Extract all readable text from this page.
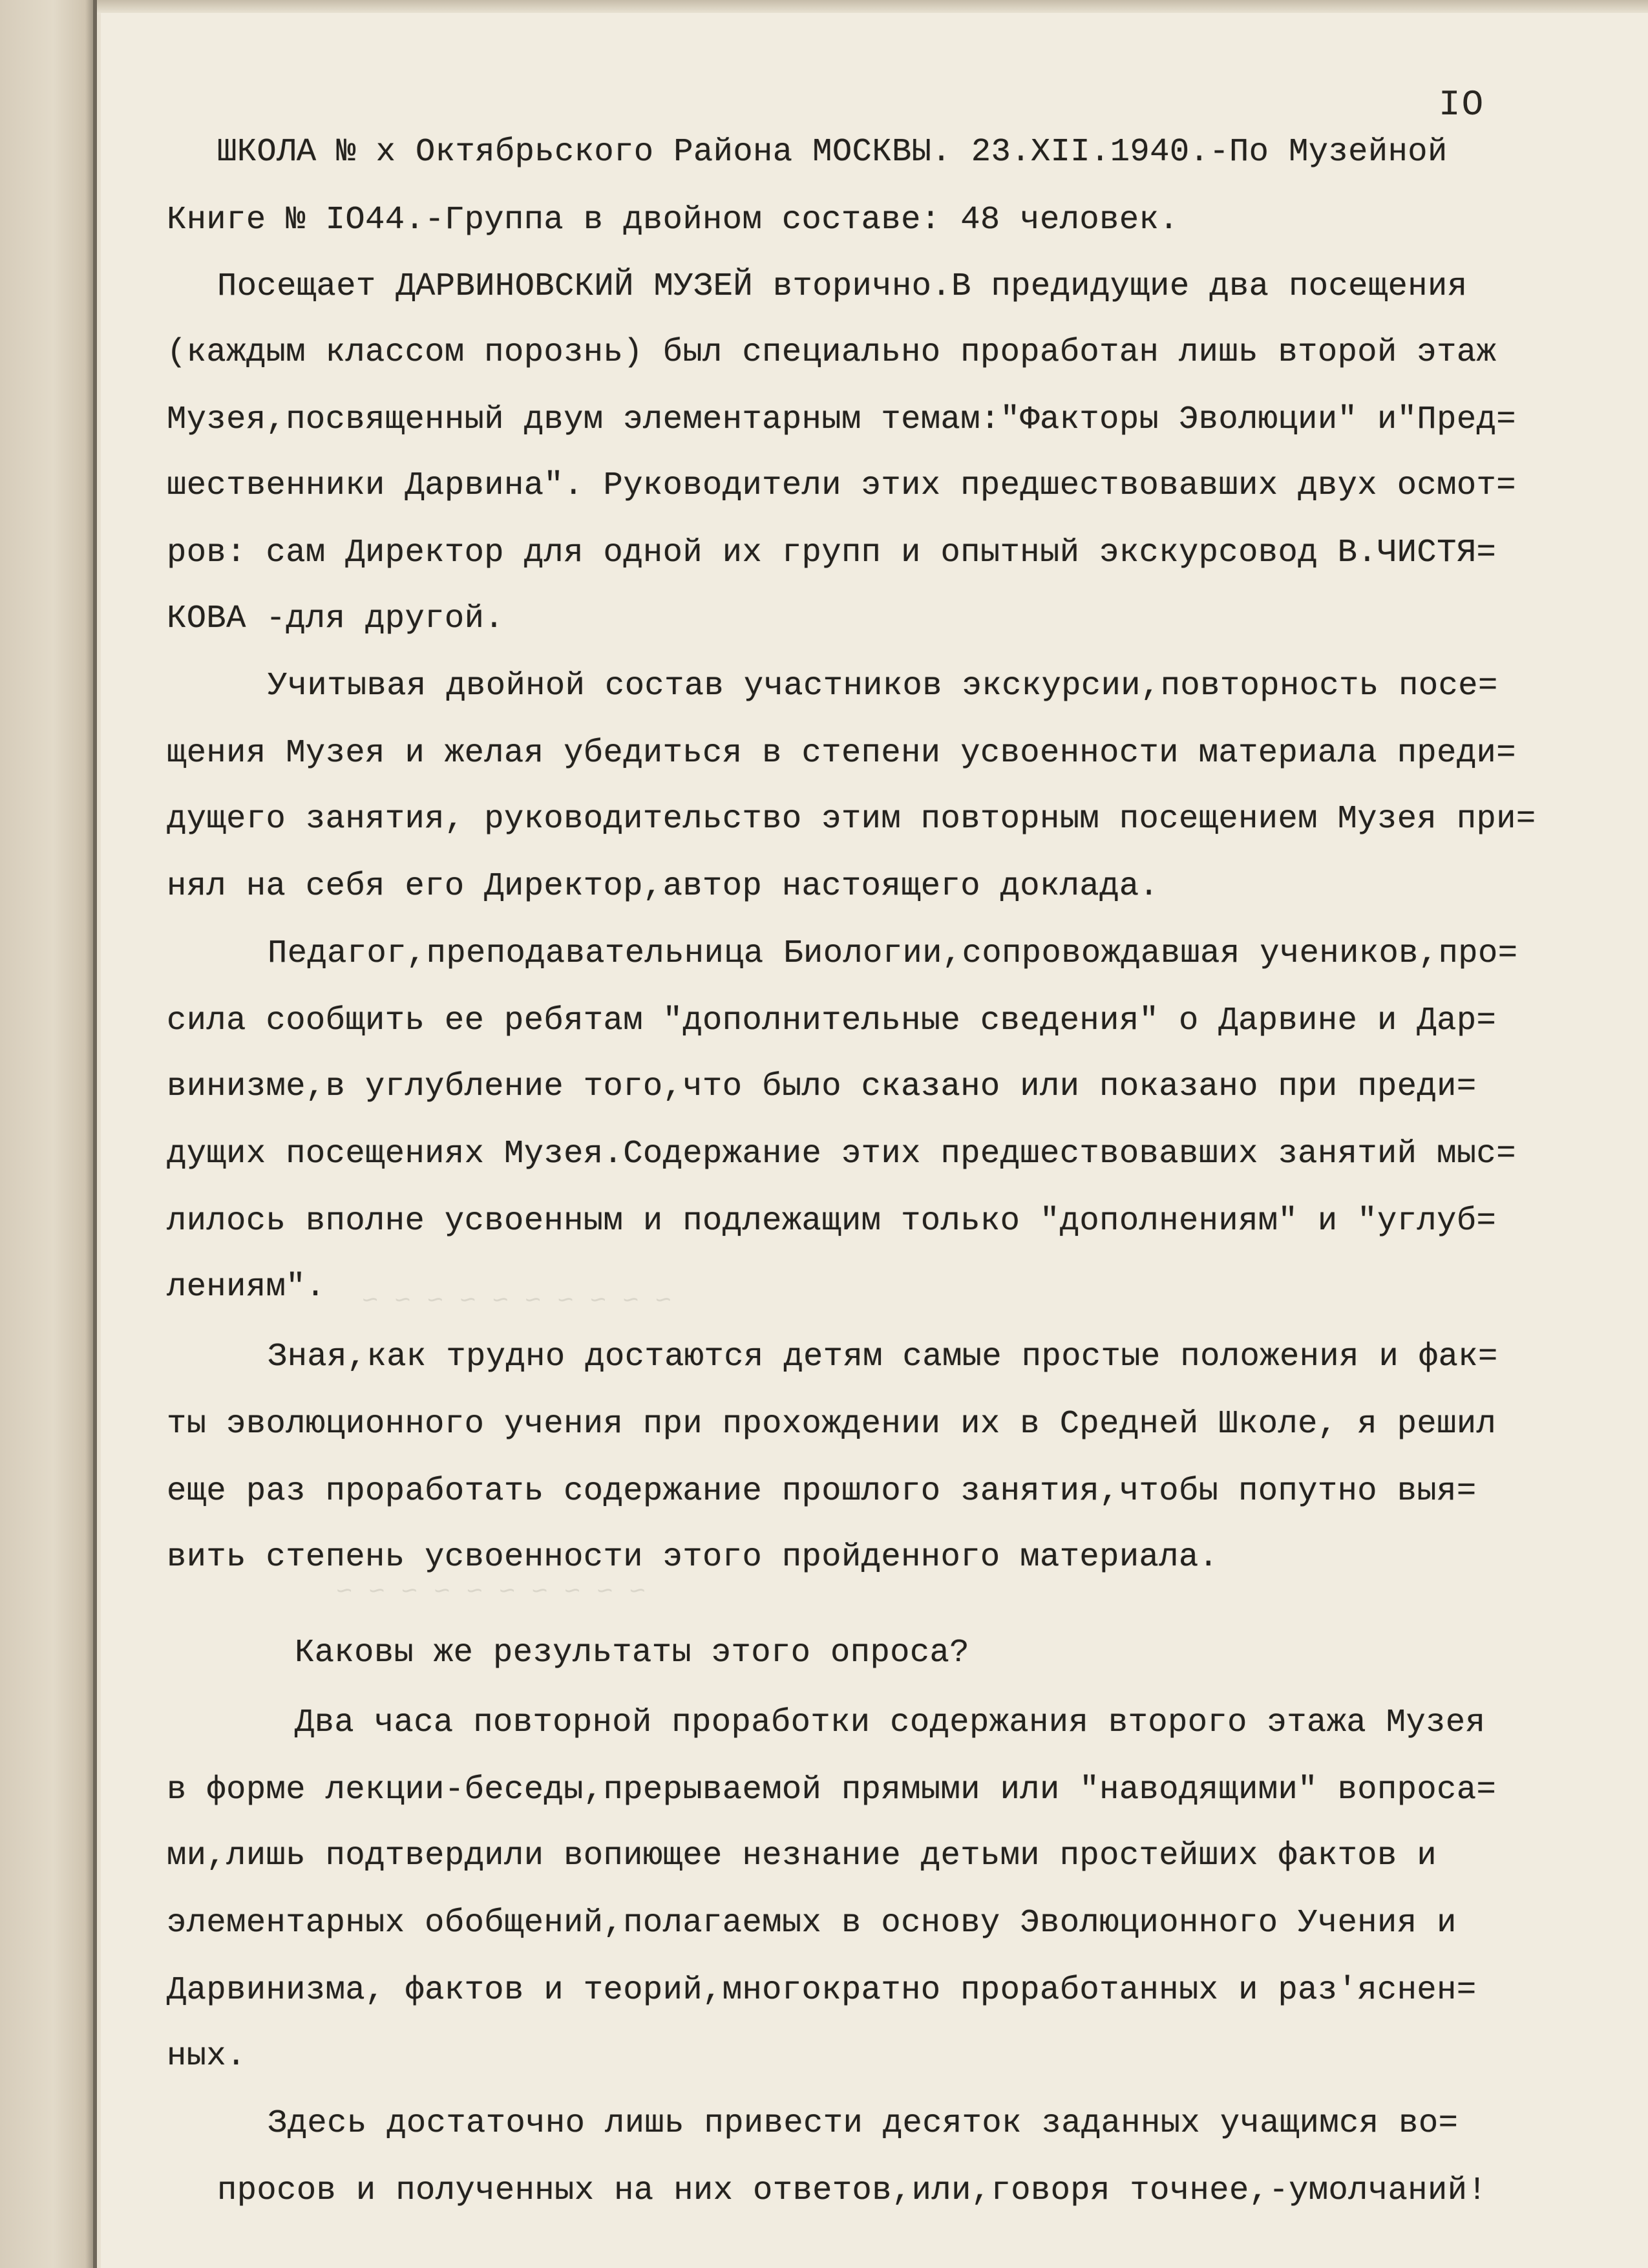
~ ~ ~ ~ ~ ~ ~ ~ ~ ~
~ ~ ~ ~ ~ ~ ~ ~ ~ ~
IO
ШКОЛА № х Октябрьского Района МОСКВЫ. 23.XII.1940.-По Музейной
Книге № IO44.-Группа в двойном составе: 48 человек.
Посещает ДАРВИНОВСКИЙ МУЗЕЙ вторично.В предидущие два посещения
(каждым классом порознь) был специально проработан лишь второй этаж
Музея,посвященный двум элементарным темам:"Факторы Эволюции" и"Пред=
шественники Дарвина". Руководители этих предшествовавших двух осмот=
ров: сам Директор для одной их групп и опытный экскурсовод В.ЧИСТЯ=
КОВА -для другой.
Учитывая двойной состав участников экскурсии,повторность посе=
щения Музея и желая убедиться в степени усвоенности материала преди=
дущего занятия, руководительство этим повторным посещением Музея при=
нял на себя его Директор,автор настоящего доклада.
Педагог,преподавательница Биологии,сопровождавшая учеников,про=
сила сообщить ее ребятам "дополнительные сведения" о Дарвине и Дар=
винизме,в углубление того,что было сказано или показано при преди=
дущих посещениях Музея.Содержание этих предшествовавших занятий мыс=
лилось вполне усвоенным и подлежащим только "дополнениям" и "углуб=
лениям".
Зная,как трудно достаются детям самые простые положения и фак=
ты эволюционного учения при прохождении их в Средней Школе, я решил
еще раз проработать содержание прошлого занятия,чтобы попутно выя=
вить степень усвоенности этого пройденного материала.
Каковы же результаты этого опроса?
Два часа повторной проработки содержания второго этажа Музея
в форме лекции-беседы,прерываемой прямыми или "наводящими" вопроса=
ми,лишь подтвердили вопиющее незнание детьми простейших фактов и
элементарных обобщений,полагаемых в основу Эволюционного Учения и
Дарвинизма, фактов и теорий,многократно проработанных и раз'яснен=
ных.
Здесь достаточно лишь привести десяток заданных учащимся во=
просов и полученных на них ответов,или,говоря точнее,-умолчаний!
